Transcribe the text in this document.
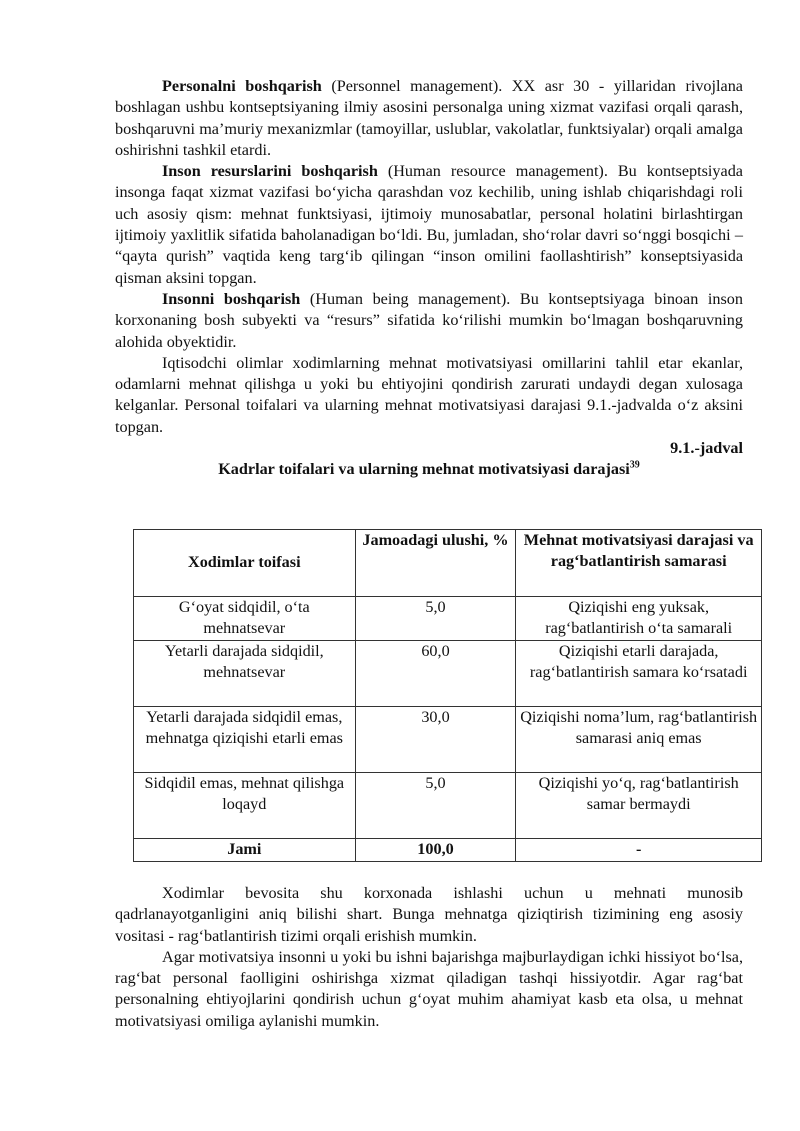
Personalni boshqarish (Personnel management). XX asr 30 - yillaridan rivojlana boshlagan ushbu kontseptsiyaning ilmiy asosini personalga uning xizmat vazifasi orqali qarash, boshqaruvni ma’muriy mexanizmlar (tamoyillar, uslublar, vakolatlar, funktsiyalar) orqali amalga oshirishni tashkil etardi.

Inson resurslarini boshqarish (Human resource management). Bu kontseptsiyada insonga faqat xizmat vazifasi bo‘yicha qarashdan voz kechilib, uning ishlab chiqarishdagi roli uch asosiy qism: mehnat funktsiyasi, ijtimoiy munosabatlar, personal holatini birlashtirgan ijtimoiy yaxlitlik sifatida baholanadigan bo‘ldi. Bu, jumladan, sho‘rolar davri so‘nggi bosqichi – “qayta qurish” vaqtida keng targ‘ib qilingan “inson omilini faollashtirish” konseptsiyasida qisman aksini topgan.

Insonni boshqarish (Human being management). Bu kontseptsiyaga binoan inson korxonaning bosh subyekti va “resurs” sifatida ko‘rilishi mumkin bo‘lmagan boshqaruvning alohida obyektidir.

Iqtisodchi olimlar xodimlarning mehnat motivatsiyasi omillarini tahlil etar ekanlar, odamlarni mehnat qilishga u yoki bu ehtiyojini qondirish zarurati undaydi degan xulosaga kelganlar. Personal toifalari va ularning mehnat motivatsiyasi darajasi 9.1.-jadvalda o‘z aksini topgan.

9.1.-jadval

Kadrlar toifalari va ularning mehnat motivatsiyasi darajasi$^{39}$

Xodimlar toifasi	Jamoadagi ulushi, %	Mehnat motivatsiyasi darajasi va rag‘batlantirish samarasi
G‘oyat sidqidil, o‘ta mehnatsevar	5,0	Qiziqishi eng yuksak, rag‘batlantirish o‘ta samarali
Yetarli darajada sidqidil, mehnatsevar	60,0	Qiziqishi etarli darajada, rag‘batlantirish samara ko‘rsatadi
Yetarli darajada sidqidil emas, mehnatga qiziqishi etarli emas	30,0	Qiziqishi noma’lum, rag‘batlantirish samarasi aniq emas
Sidqidil emas, mehnat qilishga loqayd	5,0	Qiziqishi yo‘q, rag‘batlantirish samar bermaydi
Jami	100,0	-

Xodimlar bevosita shu korxonada ishlashi uchun u mehnati munosib qadrlanayotganligini aniq bilishi shart. Bunga mehnatga qiziqtirish tizimining eng asosiy vositasi - rag‘batlantirish tizimi orqali erishish mumkin.

Agar motivatsiya insonni u yoki bu ishni bajarishga majburlaydigan ichki hissiyot bo‘lsa, rag‘bat personal faolligini oshirishga xizmat qiladigan tashqi hissiyotdir. Agar rag‘bat personalning ehtiyojlarini qondirish uchun g‘oyat muhim ahamiyat kasb eta olsa, u mehnat motivatsiyasi omiliga aylanishi mumkin.
